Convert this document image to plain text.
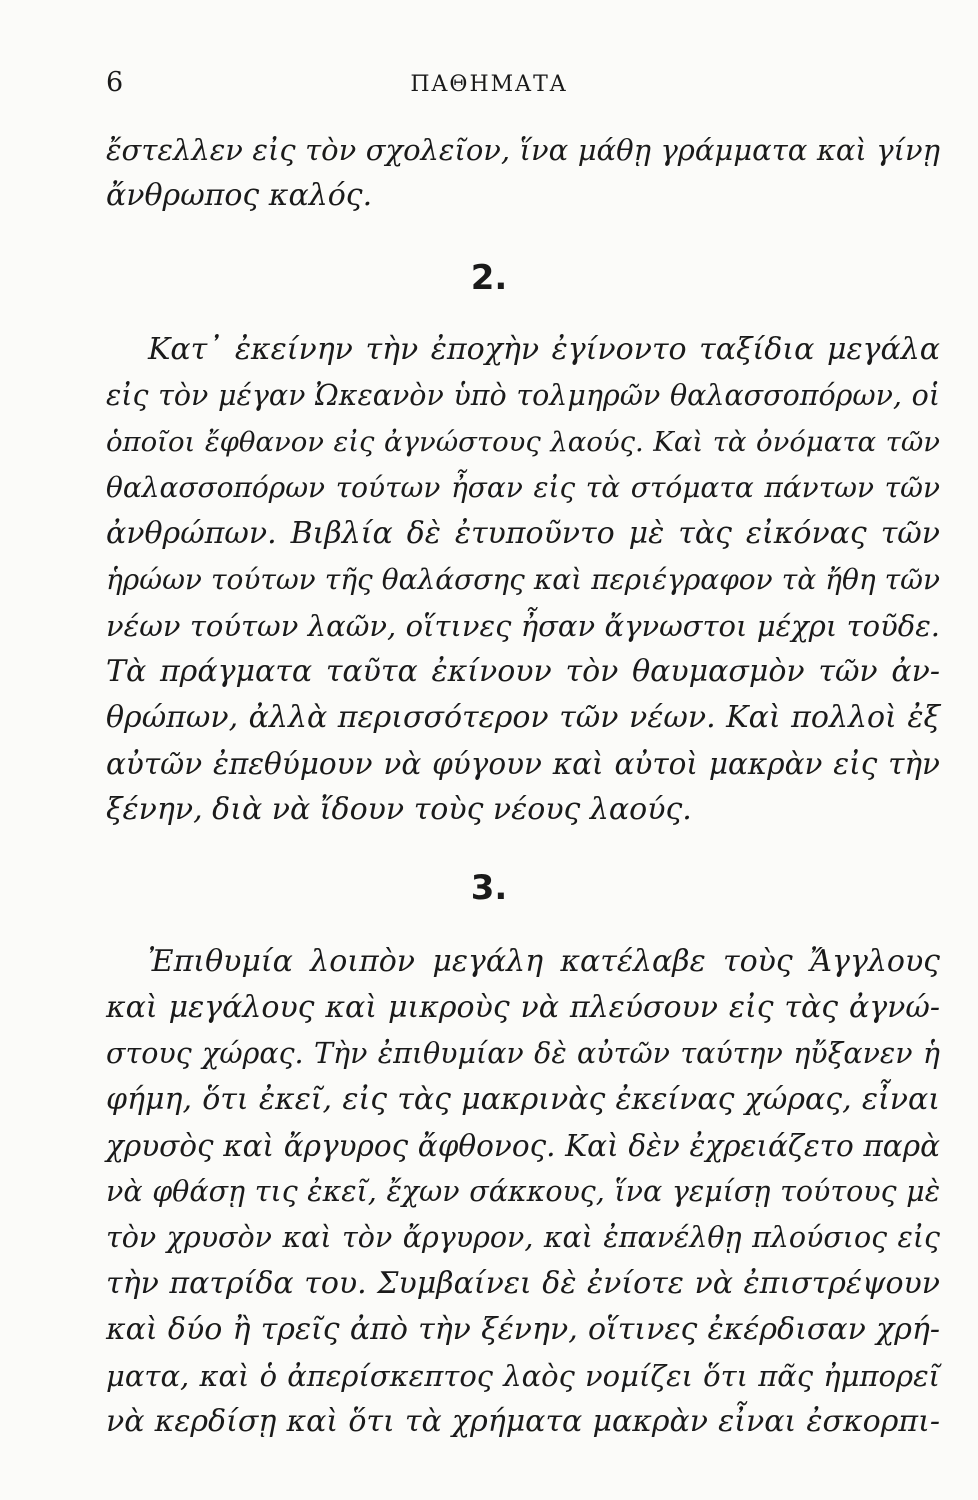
6	ΠΑΘΗΜΑΤΑ
ἔστελλεν εἰς τὸν σχολεῖον, ἵνα μάθῃ γράμματα καὶ γίνῃ
ἄνθρωπος καλός.
2.
Κατ᾽ ἐκείνην τὴν ἐποχὴν ἐγίνοντο ταξίδια μεγάλα
εἰς τὸν μέγαν Ὠκεανὸν ὑπὸ τολμηρῶν θαλασσοπόρων, οἱ
ὁποῖοι ἔφθανον εἰς ἀγνώστους λαούς. Καὶ τὰ ὀνόματα τῶν
θαλασσοπόρων τούτων ἦσαν εἰς τὰ στόματα πάντων τῶν
ἀνθρώπων. Βιβλία δὲ ἐτυποῦντο μὲ τὰς εἰκόνας τῶν
ἡρώων τούτων τῆς θαλάσσης καὶ περιέγραφον τὰ ἤθη τῶν
νέων τούτων λαῶν, οἵτινες ἦσαν ἄγνωστοι μέχρι τοῦδε.
Τὰ πράγματα ταῦτα ἐκίνουν τὸν θαυμασμὸν τῶν ἀν-
θρώπων, ἀλλὰ περισσότερον τῶν νέων. Καὶ πολλοὶ ἐξ
αὐτῶν ἐπεθύμουν νὰ φύγουν καὶ αὐτοὶ μακρὰν εἰς τὴν
ξένην, διὰ νὰ ἴδουν τοὺς νέους λαούς.
3.
Ἐπιθυμία λοιπὸν μεγάλη κατέλαβε τοὺς Ἄγγλους
καὶ μεγάλους καὶ μικροὺς νὰ πλεύσουν εἰς τὰς ἀγνώ-
στους χώρας. Τὴν ἐπιθυμίαν δὲ αὐτῶν ταύτην ηὔξανεν ἡ
φήμη, ὅτι ἐκεῖ, εἰς τὰς μακρινὰς ἐκείνας χώρας, εἶναι
χρυσὸς καὶ ἄργυρος ἄφθονος. Καὶ δὲν ἐχρειάζετο παρὰ
νὰ φθάσῃ τις ἐκεῖ, ἔχων σάκκους, ἵνα γεμίσῃ τούτους μὲ
τὸν χρυσὸν καὶ τὸν ἄργυρον, καὶ ἐπανέλθῃ πλούσιος εἰς
τὴν πατρίδα του. Συμβαίνει δὲ ἐνίοτε νὰ ἐπιστρέψουν
καὶ δύο ἢ τρεῖς ἀπὸ τὴν ξένην, οἵτινες ἐκέρδισαν χρή-
ματα, καὶ ὁ ἀπερίσκεπτος λαὸς νομίζει ὅτι πᾶς ἠμπορεῖ
νὰ κερδίσῃ καὶ ὅτι τὰ χρήματα μακρὰν εἶναι ἐσκορπι-
